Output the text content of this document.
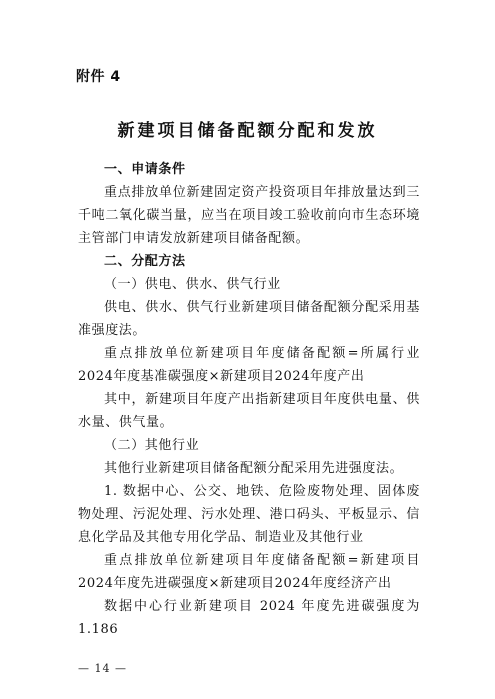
附件 4
新建项目储备配额分配和发放

一、申请条件

重点排放单位新建固定资产投资项目年排放量达到三千吨二氧化碳当量，应当在项目竣工验收前向市生态环境主管部门申请发放新建项目储备配额。

二、分配方法

（一）供电、供水、供气行业

供电、供水、供气行业新建项目储备配额分配采用基准强度法。

重点排放单位新建项目年度储备配额=所属行业2024年度基准碳强度×新建项目2024年度产出

其中，新建项目年度产出指新建项目年度供电量、供水量、供气量。

（二）其他行业

其他行业新建项目储备配额分配采用先进强度法。

1. 数据中心、公交、地铁、危险废物处理、固体废物处理、污泥处理、污水处理、港口码头、平板显示、信息化学品及其他专用化学品、制造业及其他行业

重点排放单位新建项目年度储备配额=新建项目2024年度先进碳强度×新建项目2024年度经济产出

数据中心行业新建项目 2024 年度先进碳强度为 1.186

— 14 —
